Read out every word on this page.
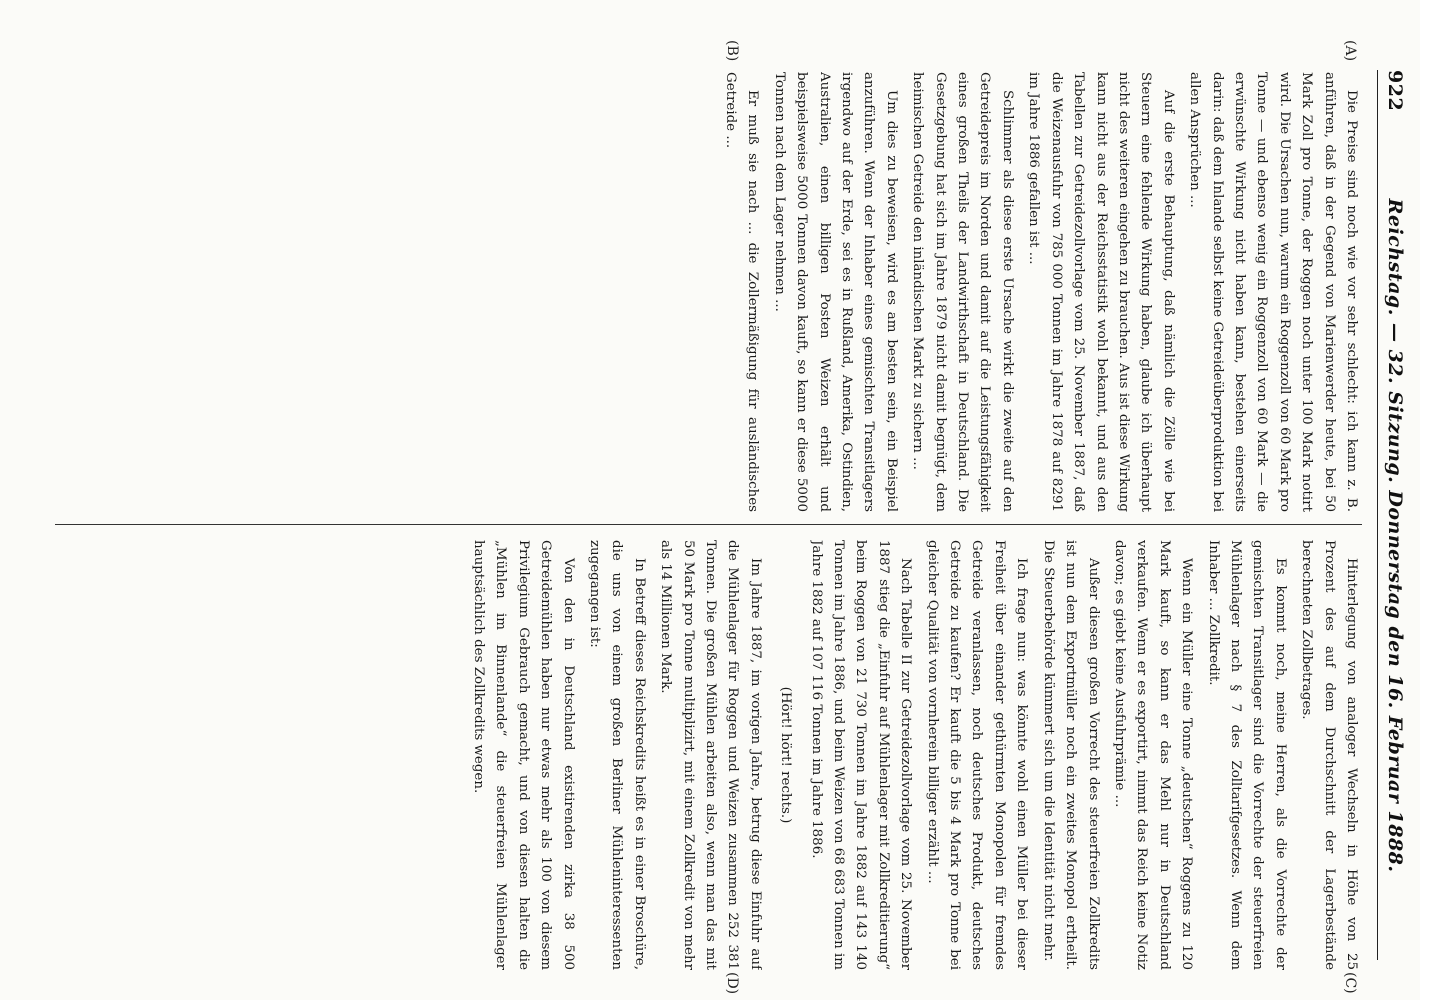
922
Reichstag. — 32. Sitzung. Donnerstag den 16. Februar 1888.
(A)
(B)
(C)
(D)

Die Preise sind noch wie vor sehr schlecht: ich kann z. B. anführen, daß in der Gegend von Marienwerder heute, bei 50 Mark Zoll pro Tonne, der Roggen noch unter 100 Mark notirt wird. Die Ursachen nun, warum ein Roggenzoll von 60 Mark pro Tonne — und ebenso wenig ein Roggenzoll von 60 Mark — die erwünschte Wirkung nicht haben kann, bestehen einerseits darin: daß dem Inlande selbst keine Getreideüberproduktion bei allen Ansprüchen ...

Auf die erste Behauptung, daß nämlich die Zölle wie bei Steuern eine fehlende Wirkung haben, glaube ich überhaupt nicht des weiteren eingehen zu brauchen. Aus ist diese Wirkung kann nicht aus der Reichsstatistik wohl bekannt, und aus den Tabellen zur Getreidezollvorlage vom 25. November 1887, daß die Weizenausfuhr von 785 000 Tonnen im Jahre 1878 auf 8291 im Jahre 1886 gefallen ist ...

Schlimmer als diese erste Ursache wirkt die zweite auf den Getreidepreis im Norden und damit auf die Leistungsfähigkeit eines großen Theils der Landwirthschaft in Deutschland. Die Gesetzgebung hat sich im Jahre 1879 nicht damit begnügt, dem heimischen Getreide den inländischen Markt zu sichern ...

Um dies zu beweisen, wird es am besten sein, ein Beispiel anzuführen. Wenn der Inhaber eines gemischten Transitlagers irgendwo auf der Erde, sei es in Rußland, Amerika, Ostindien, Australien, einen billigen Posten Weizen erhält und beispielsweise 5000 Tonnen davon kauft, so kann er diese 5000 Tonnen nach dem Lager nehmen ...

Er muß sie nach ... die Zollermäßigung für ausländisches Getreide ...

Hinterlegung von analoger Wechseln in Höhe von 25 Prozent des auf dem Durchschnitt der Lagerbestände berechneten Zollbetrages.

Es kommt noch, meine Herren, als die Vorrechte der gemischten Transitlager sind die Vorrechte der steuerfreien Mühlenlager nach § 7 des Zolltarifgesetzes. Wenn dem Inhaber ... Zollkredit.

Wenn ein Müller eine Tonne „deutschen“ Roggens zu 120 Mark kauft, so kann er das Mehl nur in Deutschland verkaufen. Wenn er es exportirt, nimmt das Reich keine Notiz davon; es giebt keine Ausfuhrprämie ...

Außer diesen großen Vorrecht des steuerfreien Zollkredits ist nun dem Exportmüller noch ein zweites Monopol ertheilt. Die Steuerbehörde kümmert sich um die Identität nicht mehr.

Ich frage nun: was könnte wohl einen Müller bei dieser Freiheit über einander gethürmten Monopolen für fremdes Getreide veranlassen, noch deutsches Produkt, deutsches Getreide zu kaufen? Er kauft die 5 bis 4 Mark pro Tonne bei gleicher Qualität von vornherein billiger erzählt ...

Nach Tabelle II zur Getreidezollvorlage vom 25. November 1887 stieg die „Einfuhr auf Mühlenlager mit Zollkreditierung“ beim Roggen von 21 730 Tonnen im Jahre 1882 auf 143 140 Tonnen im Jahre 1886, und beim Weizen von 68 683 Tonnen im Jahre 1882 auf 107 116 Tonnen im Jahre 1886.

(Hört! hört! rechts.)

Im Jahre 1887, im vorigen Jahre, betrug diese Einfuhr auf die Mühlenlager für Roggen und Weizen zusammen 252 381 Tonnen. Die großen Mühlen arbeiten also, wenn man das mit 50 Mark pro Tonne multiplizirt, mit einem Zollkredit von mehr als 14 Millionen Mark.

In Betreff dieses Reichskredits heißt es in einer Broschüre, die uns von einem großen Berliner Mühleninteressenten zugegangen ist:

Von den in Deutschland existirenden zirka 38 500 Getreidemühlen haben nur etwas mehr als 100 von diesem Privilegium Gebrauch gemacht, und von diesen halten die „Mühlen im Binnenlande“ die steuerfreien Mühlenlager hauptsächlich des Zollkredits wegen.
